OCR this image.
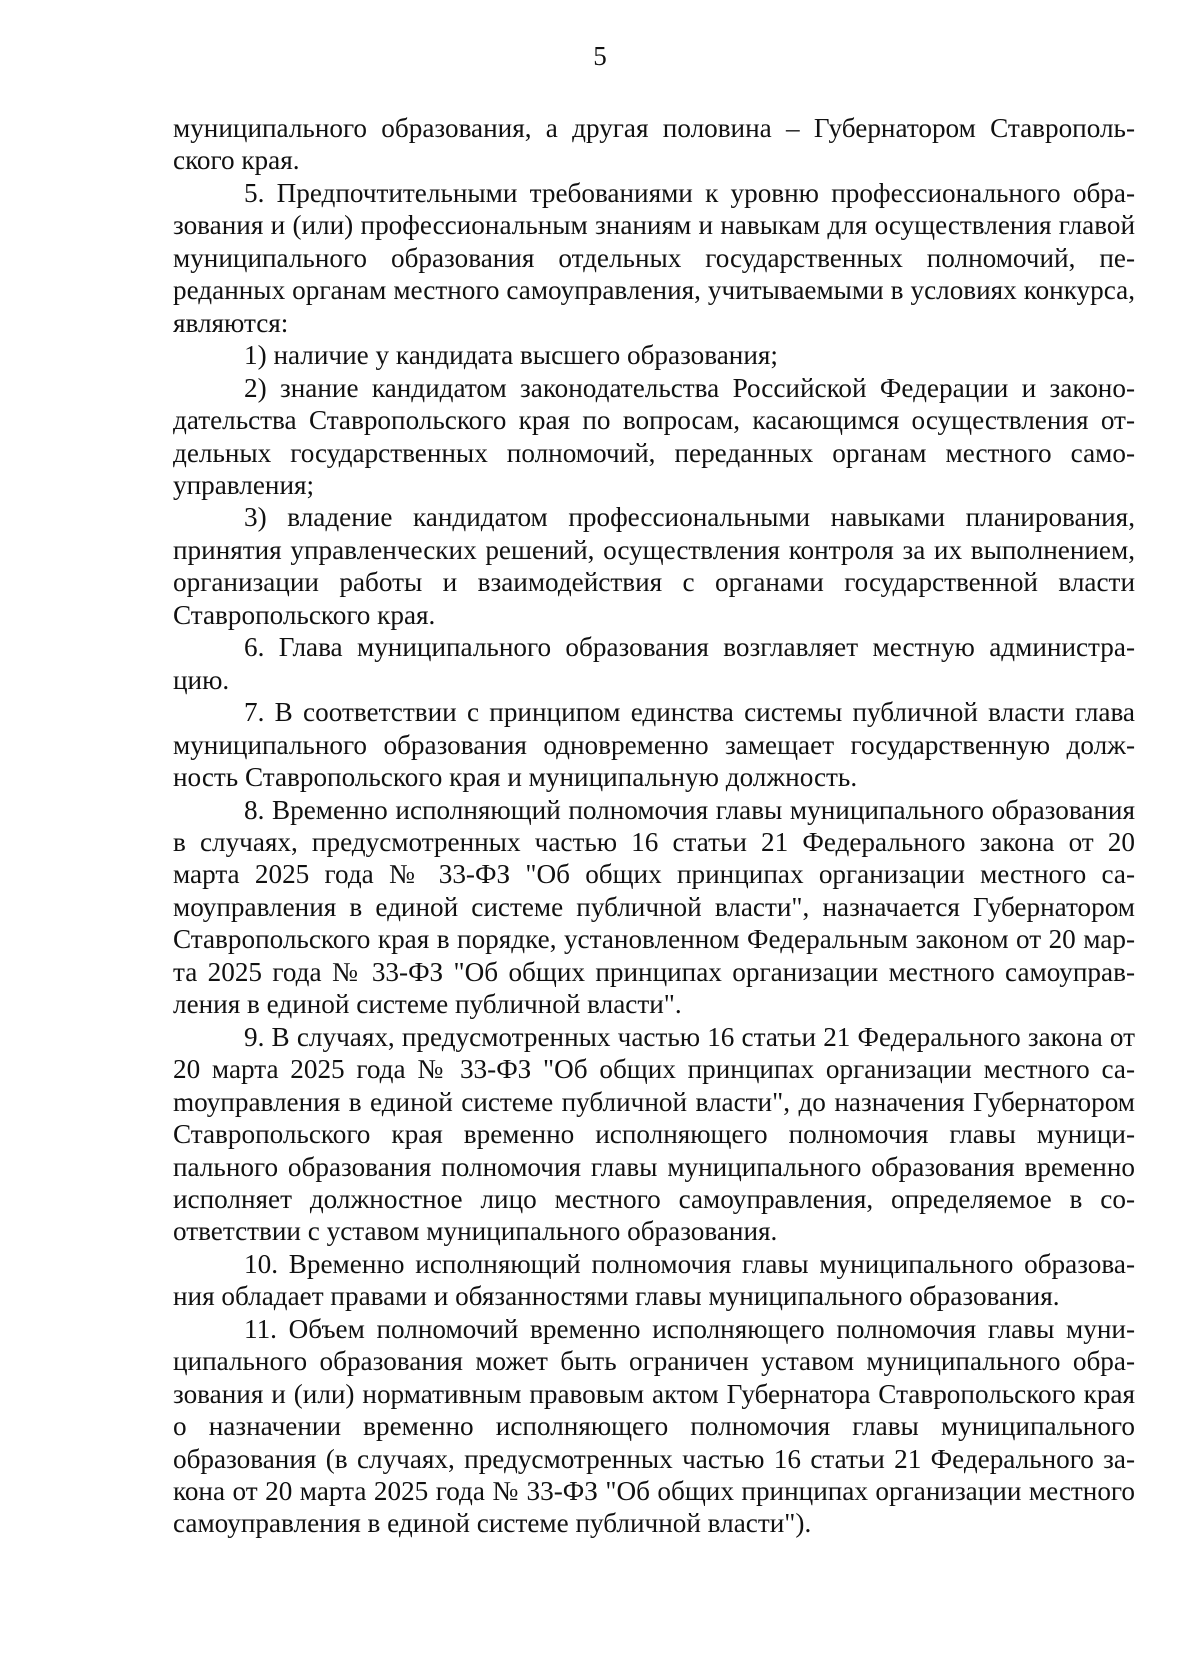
5

муниципального образования, а другая половина – Губернатором Ставропольского края.

5. Предпочтительными требованиями к уровню профессионального образования и (или) профессиональным знаниям и навыкам для осуществления главой муниципального образования отдельных государственных полномочий, переданных органам местного самоуправления, учитываемыми в условиях конкурса, являются:

1) наличие у кандидата высшего образования;

2) знание кандидатом законодательства Российской Федерации и законодательства Ставропольского края по вопросам, касающимся осуществления отдельных государственных полномочий, переданных органам местного самоуправления;

3) владение кандидатом профессиональными навыками планирования, принятия управленческих решений, осуществления контроля за их выполнением, организации работы и взаимодействия с органами государственной власти Ставропольского края.

6. Глава муниципального образования возглавляет местную администрацию.

7. В соответствии с принципом единства системы публичной власти глава муниципального образования одновременно замещает государственную должность Ставропольского края и муниципальную должность.

8. Временно исполняющий полномочия главы муниципального образования в случаях, предусмотренных частью 16 статьи 21 Федерального закона от 20 марта 2025 года № 33-ФЗ "Об общих принципах организации местного самоуправления в единой системе публичной власти", назначается Губернатором Ставропольского края в порядке, установленном Федеральным законом от 20 марта 2025 года № 33-ФЗ "Об общих принципах организации местного самоуправления в единой системе публичной власти".

9. В случаях, предусмотренных частью 16 статьи 21 Федерального закона от 20 марта 2025 года № 33-ФЗ "Об общих принципах организации местного саmоуправления в единой системе публичной власти", до назначения Губернатором Ставропольского края временно исполняющего полномочия главы муниципального образования полномочия главы муниципального образования временно исполняет должностное лицо местного самоуправления, определяемое в соответствии с уставом муниципального образования.

10. Временно исполняющий полномочия главы муниципального образования обладает правами и обязанностями главы муниципального образования.

11. Объем полномочий временно исполняющего полномочия главы муниципального образования может быть ограничен уставом муниципального образования и (или) нормативным правовым актом Губернатора Ставропольского края о назначении временно исполняющего полномочия главы муниципального образования (в случаях, предусмотренных частью 16 статьи 21 Федерального закона от 20 марта 2025 года № 33-ФЗ "Об общих принципах организации местного самоуправления в единой системе публичной власти").
